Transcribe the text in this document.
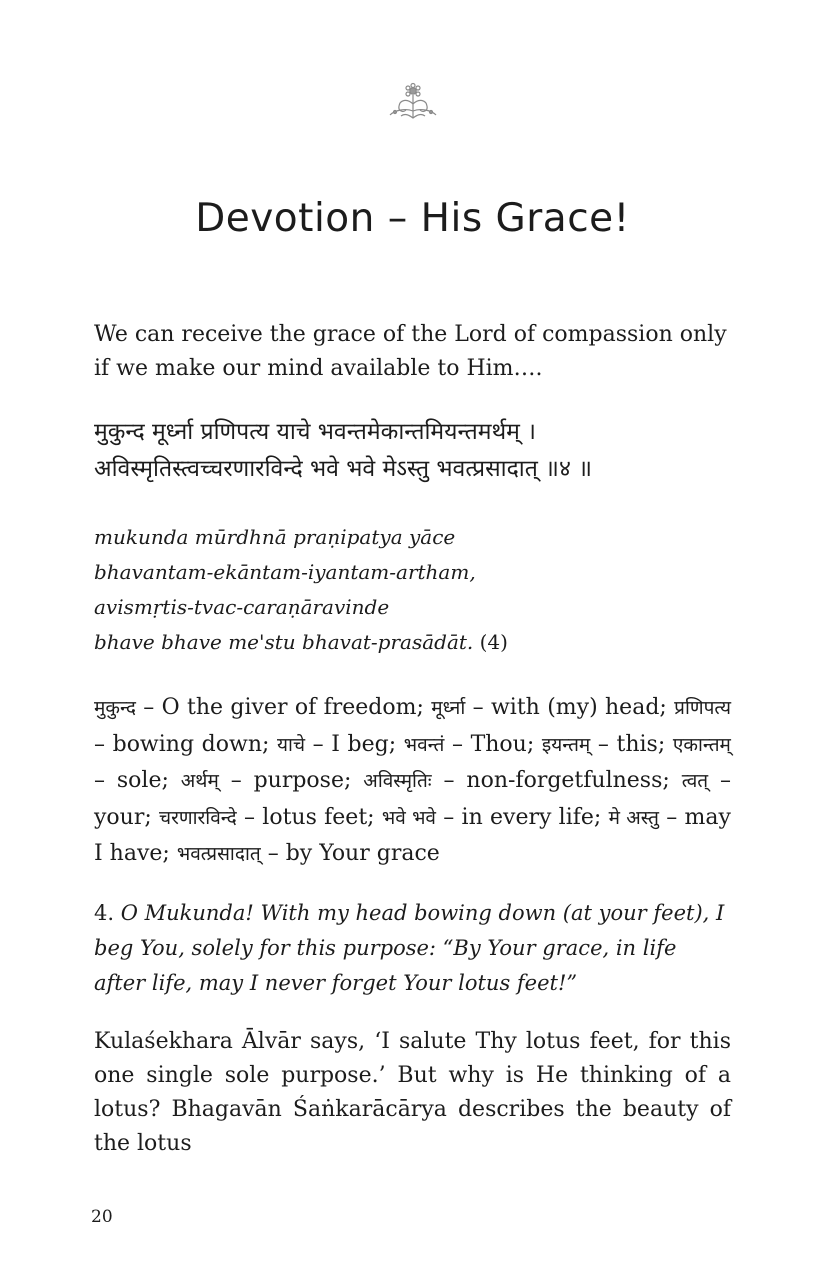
Devotion – His Grace!

We can receive the grace of the Lord of compassion only if we make our mind available to Him….

मुकुन्द मूर्ध्ना प्रणिपत्य याचे भवन्तमेकान्तमियन्तमर्थम् ।
अविस्मृतिस्त्वच्चरणारविन्दे भवे भवे मेऽस्तु भवत्प्रसादात् ॥४ ॥
mukunda mūrdhnā praṇipatya yāce
bhavantam-ekāntam-iyantam-artham,
avismṛtis-tvac-caraṇāravinde
bhave bhave me'stu bhavat-prasādāt. (4)

मुकुन्द – O the giver of freedom; मूर्ध्ना – with (my) head; प्रणिपत्य – bowing down; याचे – I beg; भवन्तं – Thou; इयन्तम् – this; एकान्तम् – sole; अर्थम् – purpose; अविस्मृतिः – non-forgetfulness; त्वत् – your; चरणारविन्दे – lotus feet; भवे भवे – in every life; मे अस्तु – may I have; भवत्प्रसादात् – by Your grace

4. O Mukunda! With my head bowing down (at your feet), I beg You, solely for this purpose: “By Your grace, in life after life, may I never forget Your lotus feet!”

Kulaśekhara Ālvār says, ‘I salute Thy lotus feet, for this one single sole purpose.’ But why is He thinking of a lotus? Bhagavān Śaṅkarācārya describes the beauty of the lotus

20
